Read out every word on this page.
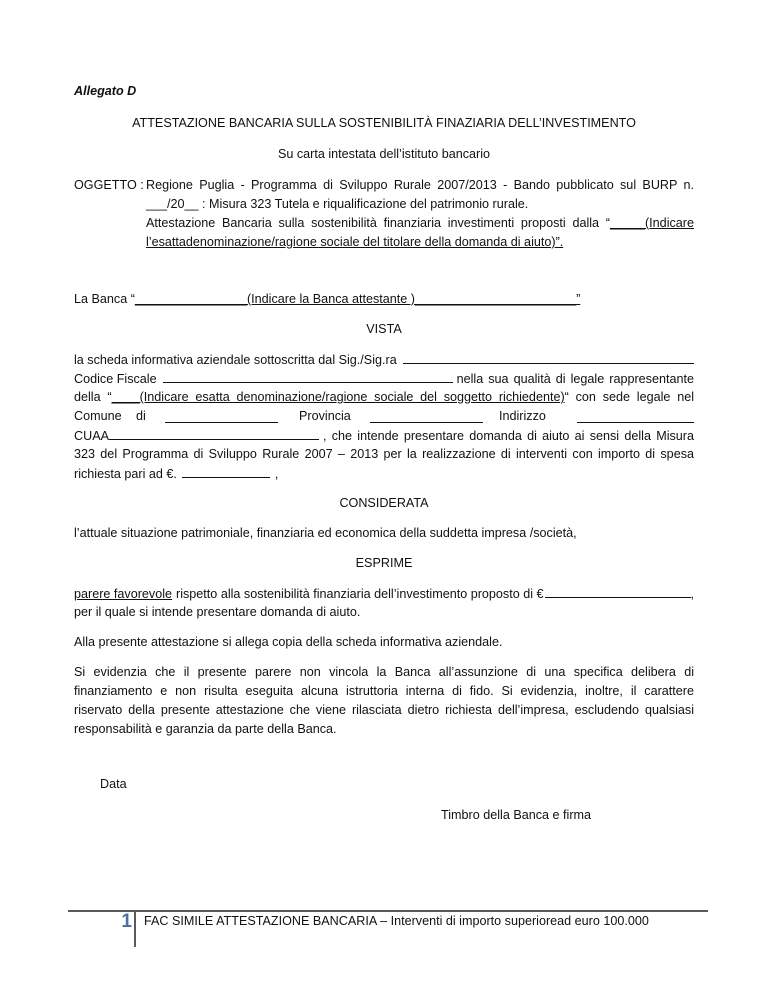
Allegato D
ATTESTAZIONE BANCARIA SULLA SOSTENIBILITÀ FINAZIARIA DELL’INVESTIMENTO
Su carta intestata dell’istituto bancario
OGGETTO : Regione Puglia - Programma di Sviluppo Rurale 2007/2013 - Bando pubblicato sul BURP n.
___/20__ : Misura 323 Tutela e riqualificazione del patrimonio rurale.
Attestazione Bancaria sulla sostenibilità finanziaria investimenti proposti dalla “_____(Indicare
l’esattadenominazione/ragione sociale del titolare della domanda di aiuto)”.
La Banca “________________(Indicare la Banca attestante )_______________________”
VISTA
la scheda informativa aziendale sottoscritta dal Sig./Sig.ra
Codice Fiscale	nella sua qualità di legale rappresentante
della “____(Indicare esatta denominazione/ragione sociale del soggetto richiedente)“ con sede legale nel
Comune di	Provincia	Indirizzo
CUAA	, che intende presentare domanda di aiuto ai sensi della Misura
323 del Programma di Sviluppo Rurale 2007 – 2013 per la realizzazione di interventi con importo di spesa
richiesta pari ad €.	,
CONSIDERATA
l’attuale situazione patrimoniale, finanziaria ed economica della suddetta impresa /società,
ESPRIME
parere favorevole rispetto alla sostenibilità finanziaria dell’investimento proposto di €	,
per il quale si intende presentare domanda di aiuto.
Alla presente attestazione si allega copia della scheda informativa aziendale.
Si evidenzia che il presente parere non vincola la Banca all’assunzione di una specifica delibera di
finanziamento e non risulta eseguita alcuna istruttoria interna di fido. Si evidenzia, inoltre, il carattere
riservato della presente attestazione che viene rilasciata dietro richiesta dell’impresa, escludendo qualsiasi
responsabilità e garanzia da parte della Banca.
Data
Timbro della Banca e firma
1 FAC SIMILE ATTESTAZIONE BANCARIA – Interventi di importo superioread euro 100.000
